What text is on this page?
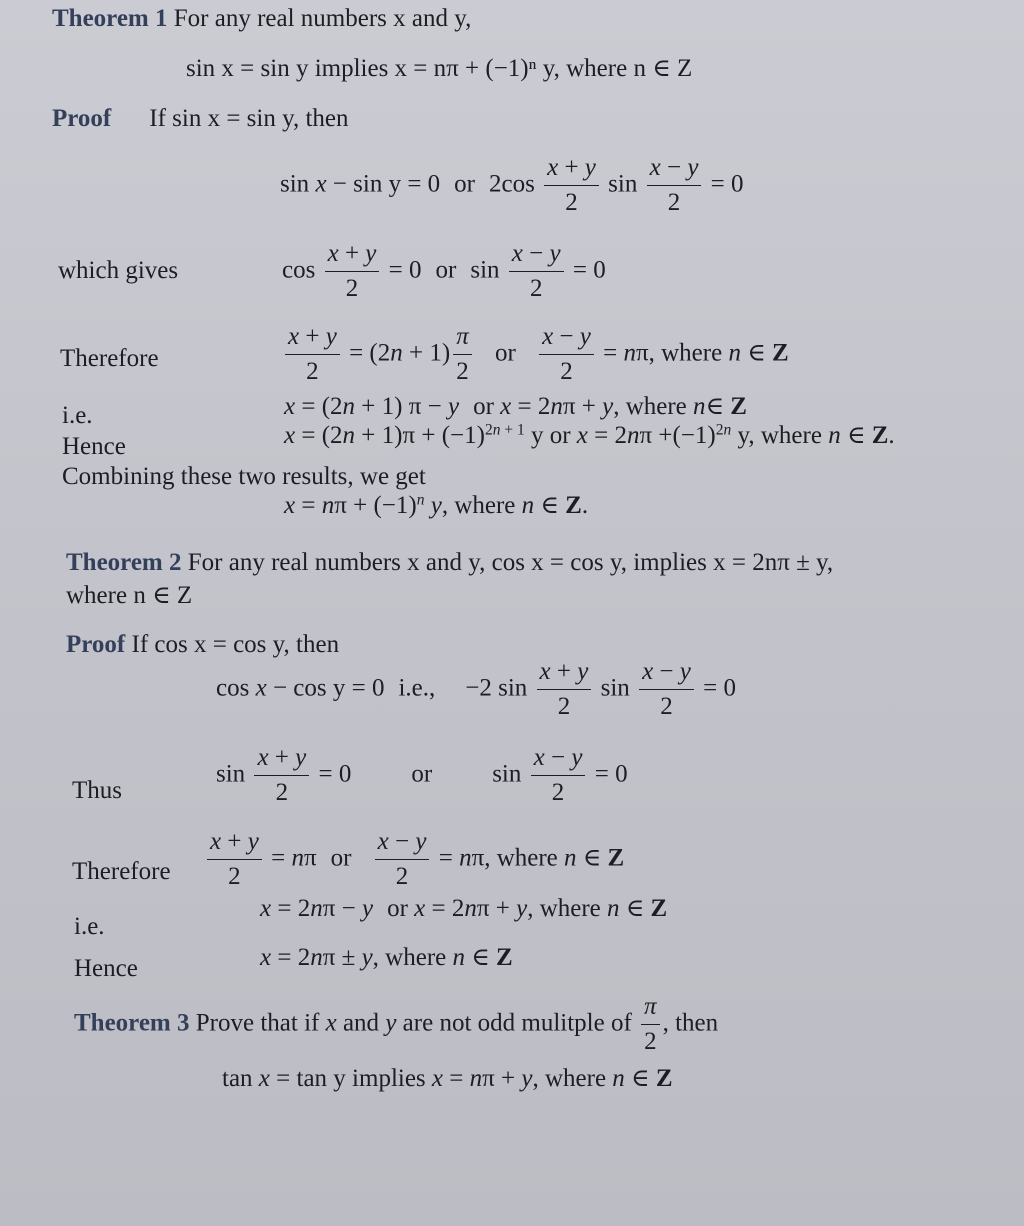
Theorem 1 For any real numbers x and y,
sin x = sin y implies x = nπ + (−1)ⁿ y, where n ∈ Z
Proof If sin x = sin y, then
sin x − sin y = 0 or $2\cos \frac{x + y}{2}$ $\sin \frac{x - y}{2} = 0$
which gives	$\cos \frac{x + y}{2} = 0$ or $\sin \frac{x - y}{2} = 0$
Therefore	$\frac{x + y}{2} = (2n + 1) \frac{\pi}{2}$ or $\frac{x - y}{2} = n\pi$, where n ∈ Z
i.e.	x = (2n + 1) π − y or x = 2nπ + y, where n∈ Z
Hence	$x = (2n + 1)\pi + (-1)^{2n + 1}$ y or $x = 2n\pi +(-1)^{2n}$ y, where n ∈ Z.
Combining these two results, we get
$x = n\pi + (-1)^n$ y, where n ∈ Z.
Theorem 2 For any real numbers x and y, cos x = cos y, implies x = 2nπ ± y,
where n ∈ Z
Proof If cos x = cos y, then
cos x − cos y = 0 i.e., −2 $\sin \frac{x + y}{2}$ $\sin \frac{x - y}{2} = 0$
Thus
$\sin \frac{x + y}{2} = 0$ or $\sin \frac{x - y}{2} = 0$
Therefore $\frac{x + y}{2} = n\pi$ or $\frac{x - y}{2} = n\pi$, where n ∈ Z
i.e.
x = 2nπ − y or x = 2nπ + y, where n ∈ Z
Hence	x = 2nπ ± y, where n ∈ Z
Theorem 3 Prove that if x and y are not odd mulitple of $\frac{\pi}{2}$ , then
tan x = tan y implies x = nπ + y, where n ∈ Z
